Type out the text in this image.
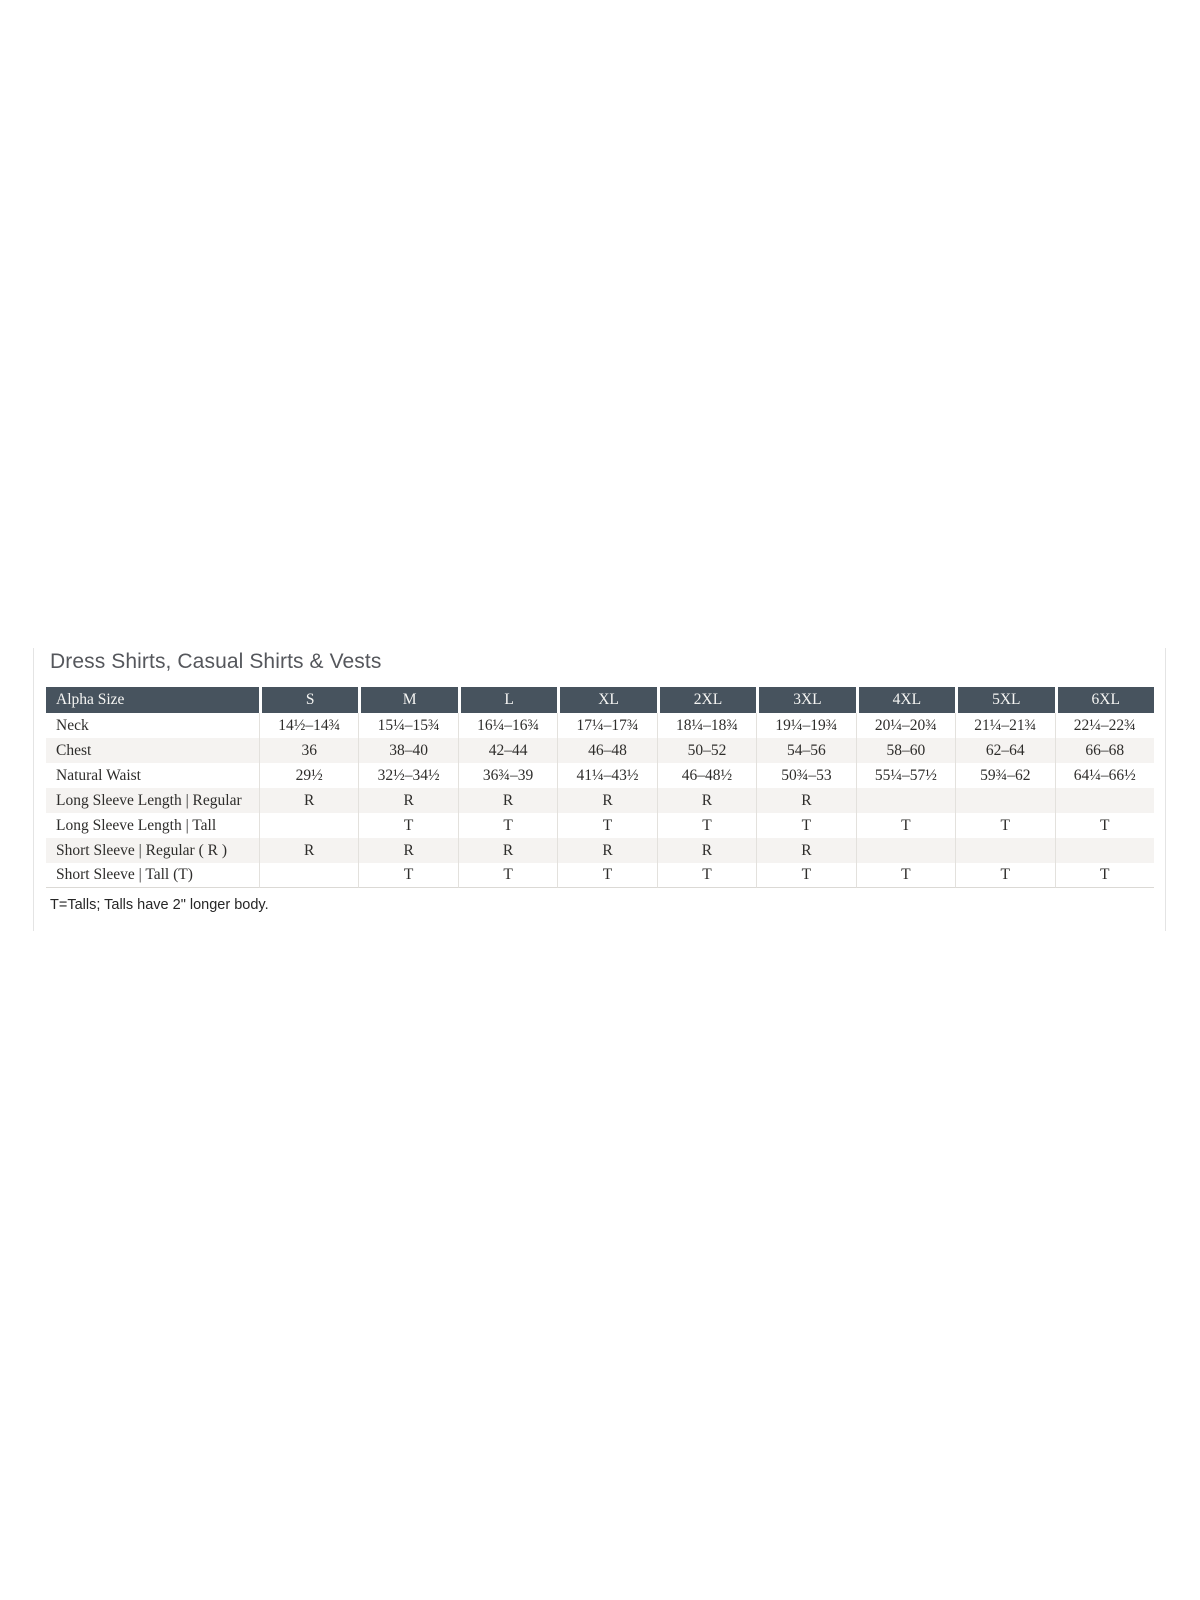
Dress Shirts, Casual Shirts & Vests
Alpha Size	S	M	L	XL	2XL	3XL	4XL	5XL	6XL
Neck	14½–14¾	15¼–15¾	16¼–16¾	17¼–17¾	18¼–18¾	19¼–19¾	20¼–20¾	21¼–21¾	22¼–22¾
Chest	36	38–40	42–44	46–48	50–52	54–56	58–60	62–64	66–68
Natural Waist	29½	32½–34½	36¾–39	41¼–43½	46–48½	50¾–53	55¼–57½	59¾–62	64¼–66½
Long Sleeve Length | Regular	R	R	R	R	R	R			
Long Sleeve Length | Tall		T	T	T	T	T	T	T	T
Short Sleeve | Regular ( R )	R	R	R	R	R	R			
Short Sleeve | Tall (T)		T	T	T	T	T	T	T	T

T=Talls; Talls have 2" longer body.
